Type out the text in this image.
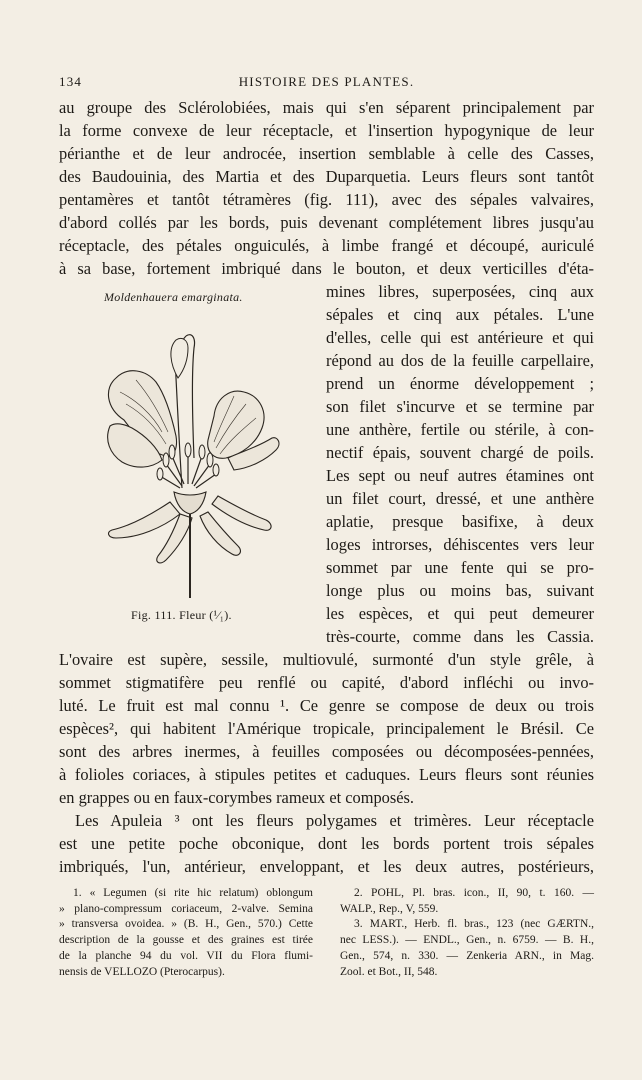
134	HISTOIRE DES PLANTES.
au groupe des Sclérolobiées, mais qui s'en séparent principalement par
la forme convexe de leur réceptacle, et l'insertion hypogynique de leur
périanthe et de leur androcée, insertion semblable à celle des Casses,
des Baudouinia, des Martia et des Duparquetia. Leurs fleurs sont tantôt
pentamères et tantôt tétramères (fig. 111), avec des sépales valvaires,
d'abord collés par les bords, puis devenant complétement libres jusqu'au
réceptacle, des pétales onguiculés, à limbe frangé et découpé, auriculé
à sa base, fortement imbriqué dans le bouton, et deux verticilles d'éta-
Moldenhauera emarginata.
Fig. 111. Fleur (¹⁄₁).
mines libres, superposées, cinq aux
sépales et cinq aux pétales. L'une
d'elles, celle qui est antérieure et qui
répond au dos de la feuille carpellaire,
prend un énorme développement ;
son filet s'incurve et se termine par
une anthère, fertile ou stérile, à con-
nectif épais, souvent chargé de poils.
Les sept ou neuf autres étamines ont
un filet court, dressé, et une anthère
aplatie, presque basifixe, à deux
loges introrses, déhiscentes vers leur
sommet par une fente qui se pro-
longe plus ou moins bas, suivant
les espèces, et qui peut demeurer
très-courte, comme dans les Cassia.
L'ovaire est supère, sessile, multiovulé, surmonté d'un style grêle, à
sommet stigmatifère peu renflé ou capité, d'abord infléchi ou invo-
luté. Le fruit est mal connu ¹. Ce genre se compose de deux ou trois
espèces², qui habitent l'Amérique tropicale, principalement le Brésil. Ce
sont des arbres inermes, à feuilles composées ou décomposées-pennées,
à folioles coriaces, à stipules petites et caduques. Leurs fleurs sont réunies
en grappes ou en faux-corymbes rameux et composés.
Les Apuleia ³ ont les fleurs polygames et trimères. Leur réceptacle
est une petite poche obconique, dont les bords portent trois sépales
imbriqués, l'un, antérieur, enveloppant, et les deux autres, postérieurs,
1. « Legumen (si rite hic relatum) oblongum
» plano-compressum coriaceum, 2-valve. Semina
» transversa ovoidea. » (B. H., Gen., 570.) Cette
description de la gousse et des graines est tirée
de la planche 94 du vol. VII du Flora flumi-
nensis de VELLOZO (Pterocarpus).
2. POHL, Pl. bras. icon., II, 90, t. 160. —
WALP., Rep., V, 559.
3. MART., Herb. fl. bras., 123 (nec GÆRTN.,
nec LESS.). — ENDL., Gen., n. 6759. — B. H.,
Gen., 574, n. 330. — Zenkeria ARN., in Mag.
Zool. et Bot., II, 548.
